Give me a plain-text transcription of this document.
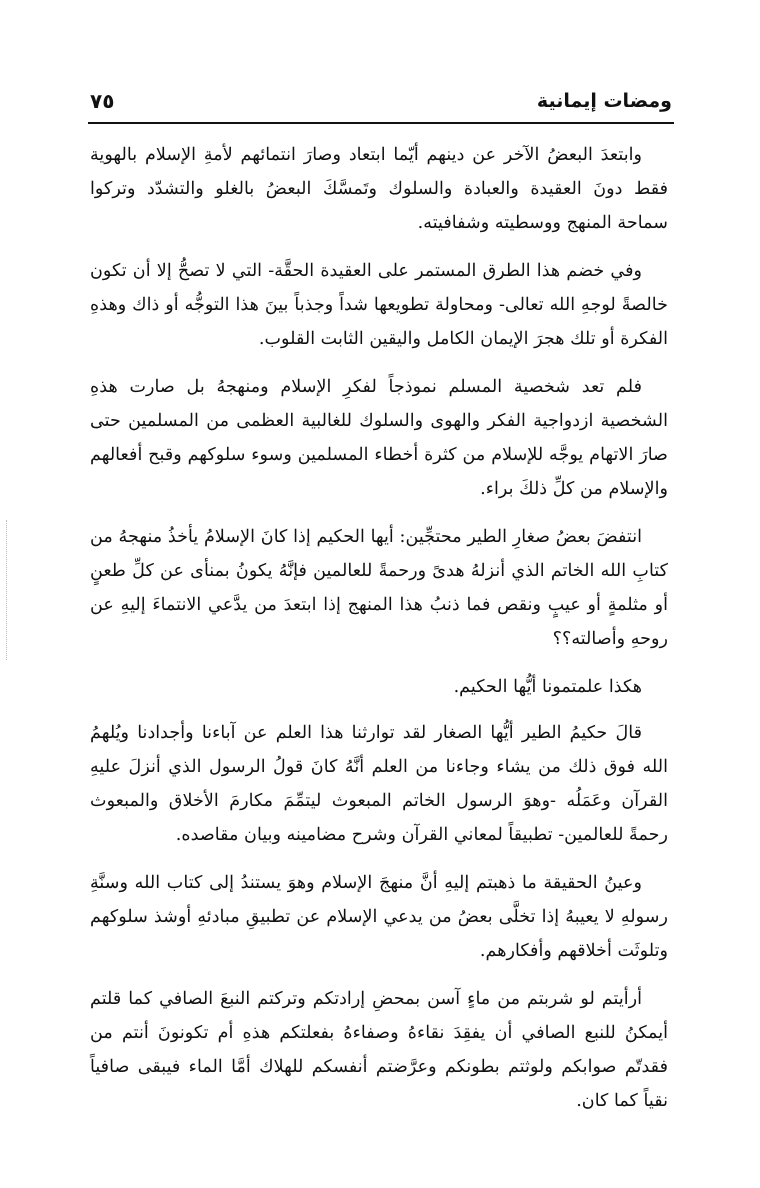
ومضات إيمانية
٧٥

وابتعدَ البعضُ الآخر عن دينهم أيّما ابتعاد وصارَ انتمائهم لأمةِ الإسلام بالهوية فقط دونَ العقيدة والعبادة والسلوك وتَمسَّكَ البعضُ بالغلو والتشدّد وتركوا سماحة المنهج ووسطيته وشفافيته.

وفي خضم هذا الطرق المستمر على العقيدة الحقَّة- التي لا تصحُّ إلا أن تكون خالصةً لوجهِ الله تعالى- ومحاولة تطويعها شداً وجذباً بينَ هذا التوجُّه أو ذاك وهذهِ الفكرة أو تلك هجرَ الإيمان الكامل واليقين الثابت القلوب.

فلم تعد شخصية المسلم نموذجاً لفكرِ الإسلام ومنهجهُ بل صارت هذهِ الشخصية ازدواجية الفكر والهوى والسلوك للغالبية العظمى من المسلمين حتى صارَ الاتهام يوجَّه للإسلام من كثرة أخطاء المسلمين وسوء سلوكهم وقبح أفعالهم والإسلام من كلِّ ذلكَ براء.

انتفضَ بعضُ صغارِ الطير محتجِّين: أيها الحكيم إذا كانَ الإسلامُ يأخذُ منهجهُ من كتابِ الله الخاتم الذي أنزلهُ هدىً ورحمةً للعالمين فإنَّهُ يكونُ بمنأى عن كلِّ طعنٍ أو مثلمةٍ أو عيبٍ ونقص فما ذنبُ هذا المنهج إذا ابتعدَ من يدَّعي الانتماءَ إليهِ عن روحهِ وأصالته؟؟

هكذا علمتمونا أيُّها الحكيم.

قالَ حكيمُ الطير أيُّها الصغار لقد توارثنا هذا العلم عن آباءنا وأجدادنا ويُلهمُ الله فوق ذلك من يشاء وجاءنا من العلم أنَّهُ كانَ قولُ الرسول الذي أنزلَ عليهِ القرآن وعَمَلُه -وهوَ الرسول الخاتم المبعوث ليتمِّمَ مكارمَ الأخلاق والمبعوث رحمةً للعالمين- تطبيقاً لمعاني القرآن وشرح مضامينه وبيان مقاصده.

وعينُ الحقيقة ما ذهبتم إليهِ أنَّ منهجَ الإسلام وهوَ يستندُ إلى كتاب الله وسنَّةِ رسولهِ لا يعيبهُ إذا تخلَّى بعضُ من يدعي الإسلام عن تطبيقِ مبادئهِ أوشذ سلوكهم وتلوثَت أخلاقهم وأفكارهم.

أرأيتم لو شربتم من ماءٍ آسن بمحضِ إرادتكم وتركتم النبعَ الصافي كما قلتم أيمكنُ للنبع الصافي أن يفقِدَ نقاءهُ وصفاءهُ بفعلتكم هذهِ أم تكونونَ أنتم من فقدتّم صوابكم ولوثتم بطونكم وعرَّضتم أنفسكم للهلاك أمَّا الماء فيبقى صافياً نقياً كما كان.
